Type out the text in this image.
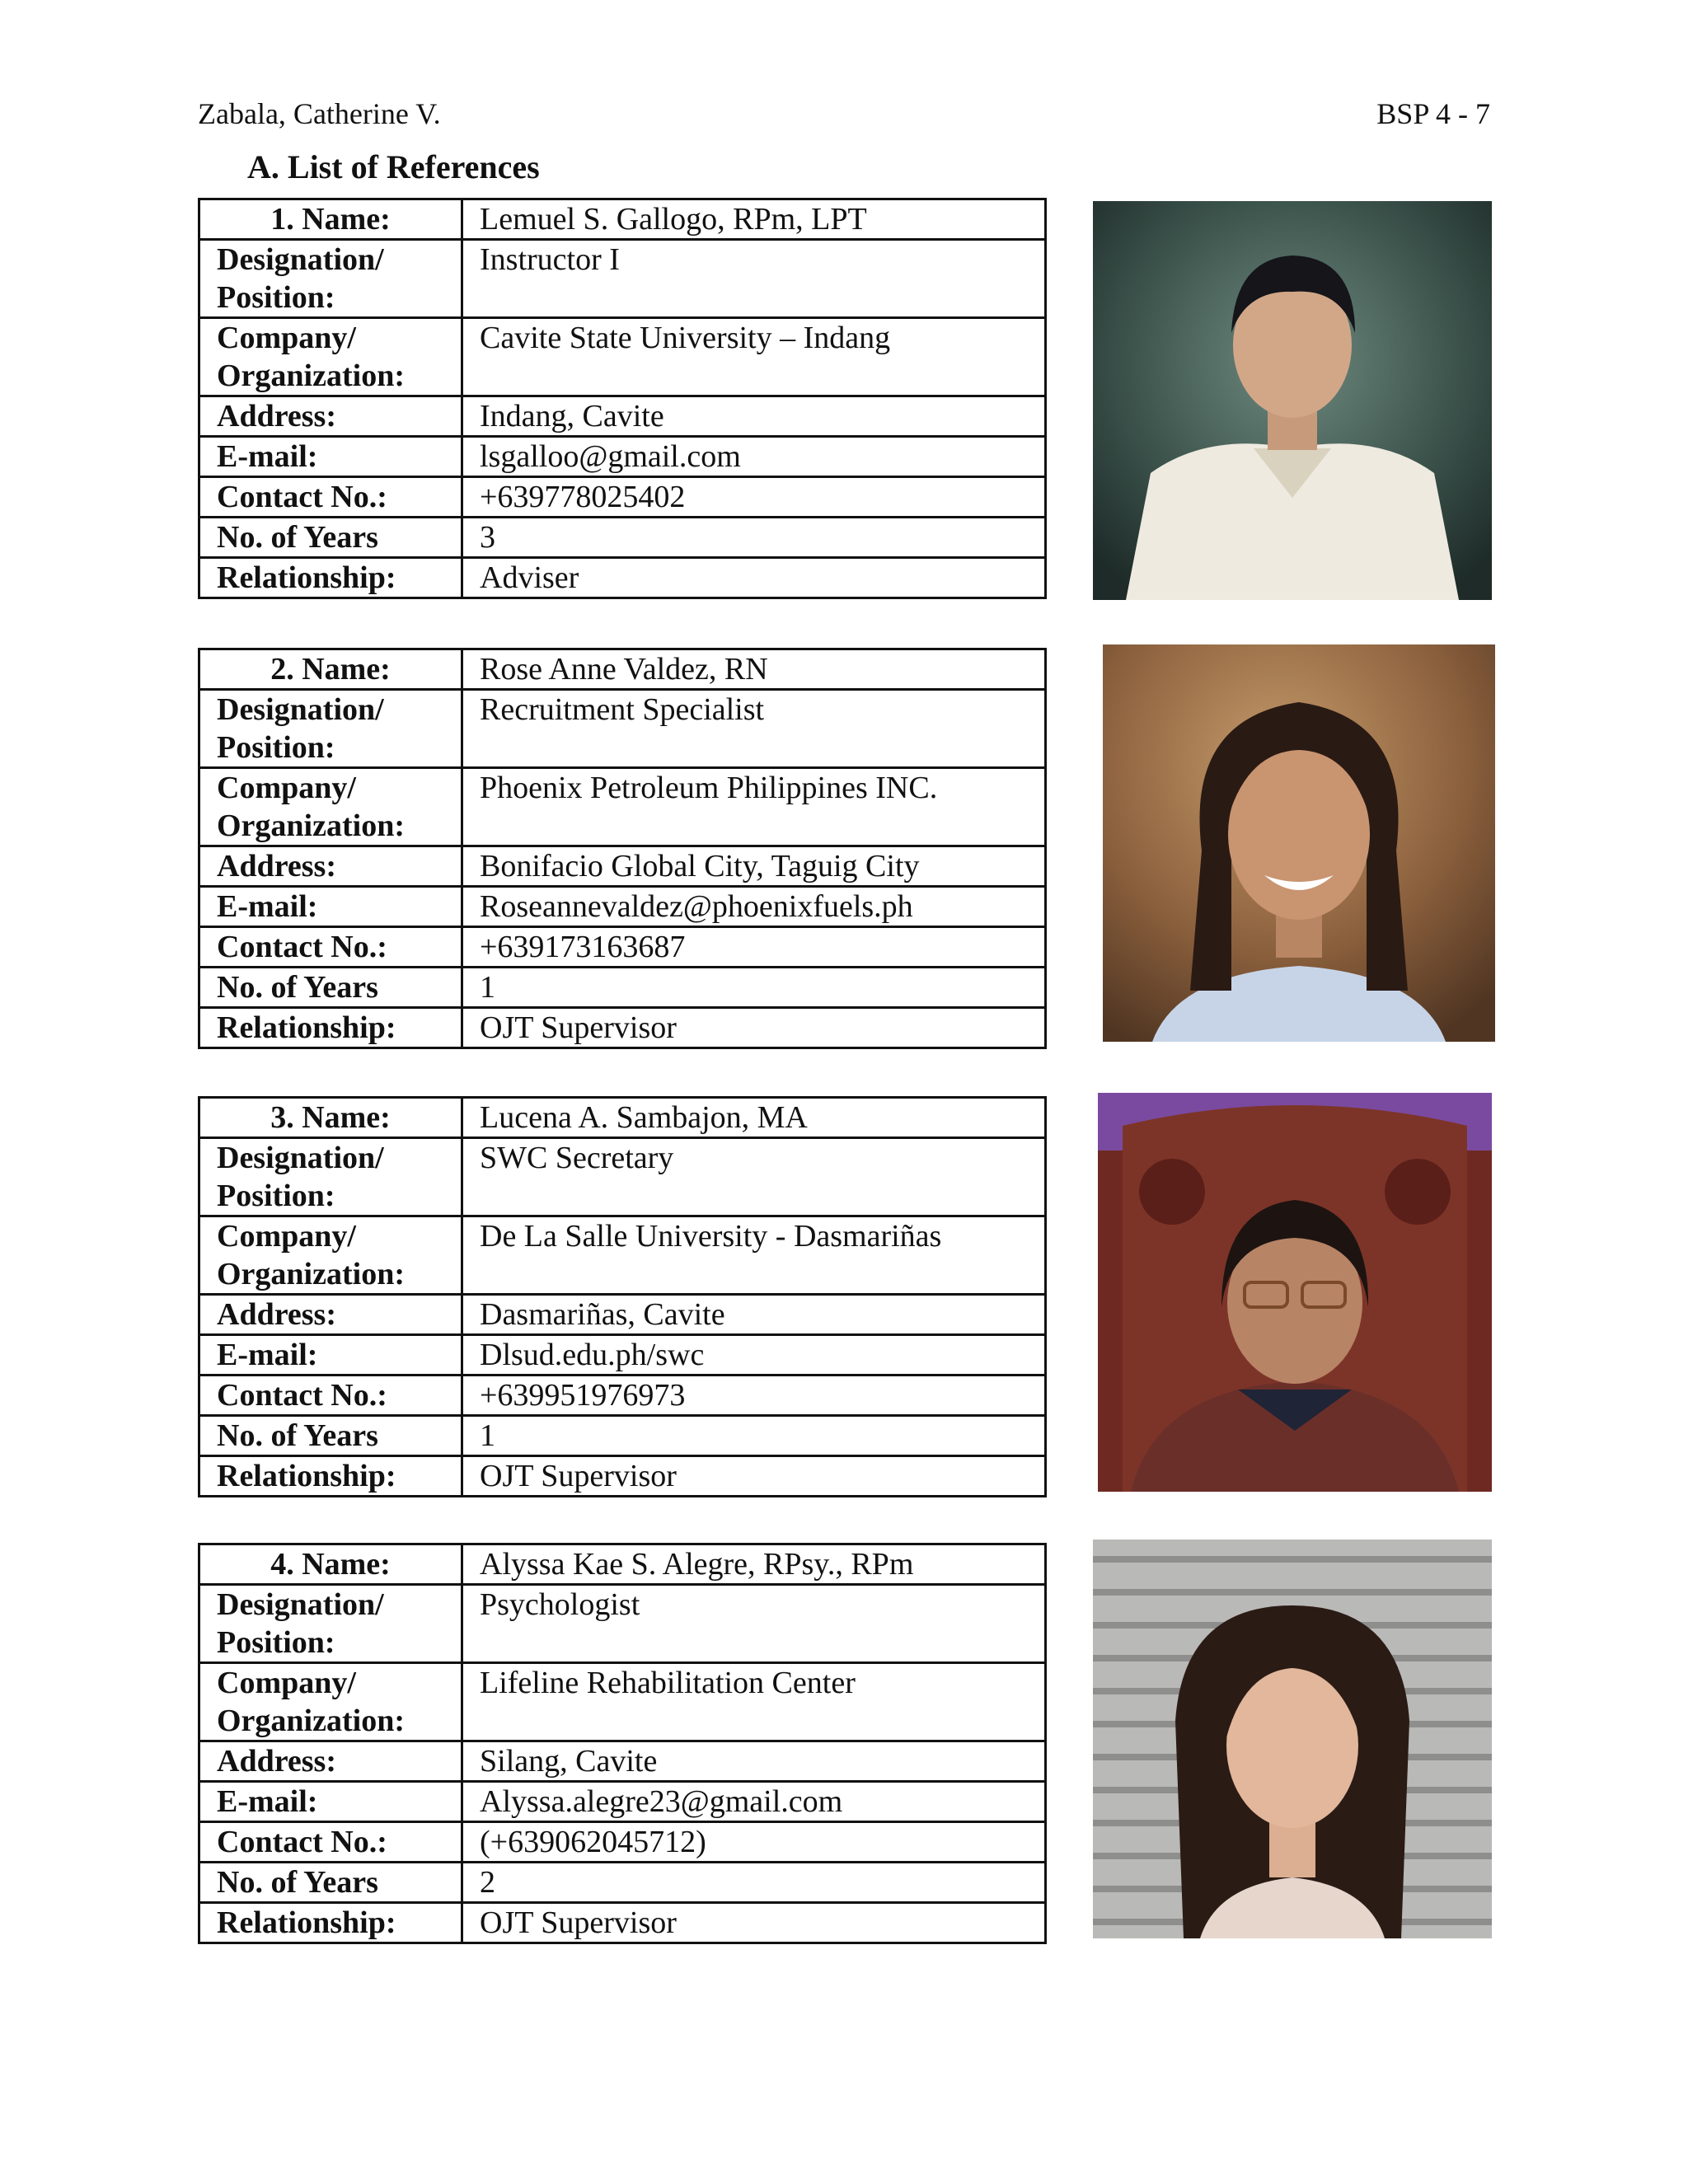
Zabala, Catherine V.	BSP 4 - 7
A. List of References
1. Name:	Lemuel S. Gallogo, RPm, LPT
Designation/ Position:	Instructor I
Company/ Organization:	Cavite State University – Indang
Address:	Indang, Cavite
E-mail:	lsgalloo@gmail.com
Contact No.:	+639778025402
No. of Years	3
Relationship:	Adviser
2. Name:	Rose Anne Valdez, RN
Designation/ Position:	Recruitment Specialist
Company/ Organization:	Phoenix Petroleum Philippines INC.
Address:	Bonifacio Global City, Taguig City
E-mail:	Roseannevaldez@phoenixfuels.ph
Contact No.:	+639173163687
No. of Years	1
Relationship:	OJT Supervisor
3. Name:	Lucena A. Sambajon, MA
Designation/ Position:	SWC Secretary
Company/ Organization:	De La Salle University - Dasmariñas
Address:	Dasmariñas, Cavite
E-mail:	Dlsud.edu.ph/swc
Contact No.:	+639951976973
No. of Years	1
Relationship:	OJT Supervisor
4. Name:	Alyssa Kae S. Alegre, RPsy., RPm
Designation/ Position:	Psychologist
Company/ Organization:	Lifeline Rehabilitation Center
Address:	Silang, Cavite
E-mail:	Alyssa.alegre23@gmail.com
Contact No.:	(+639062045712)
No. of Years	2
Relationship:	OJT Supervisor
